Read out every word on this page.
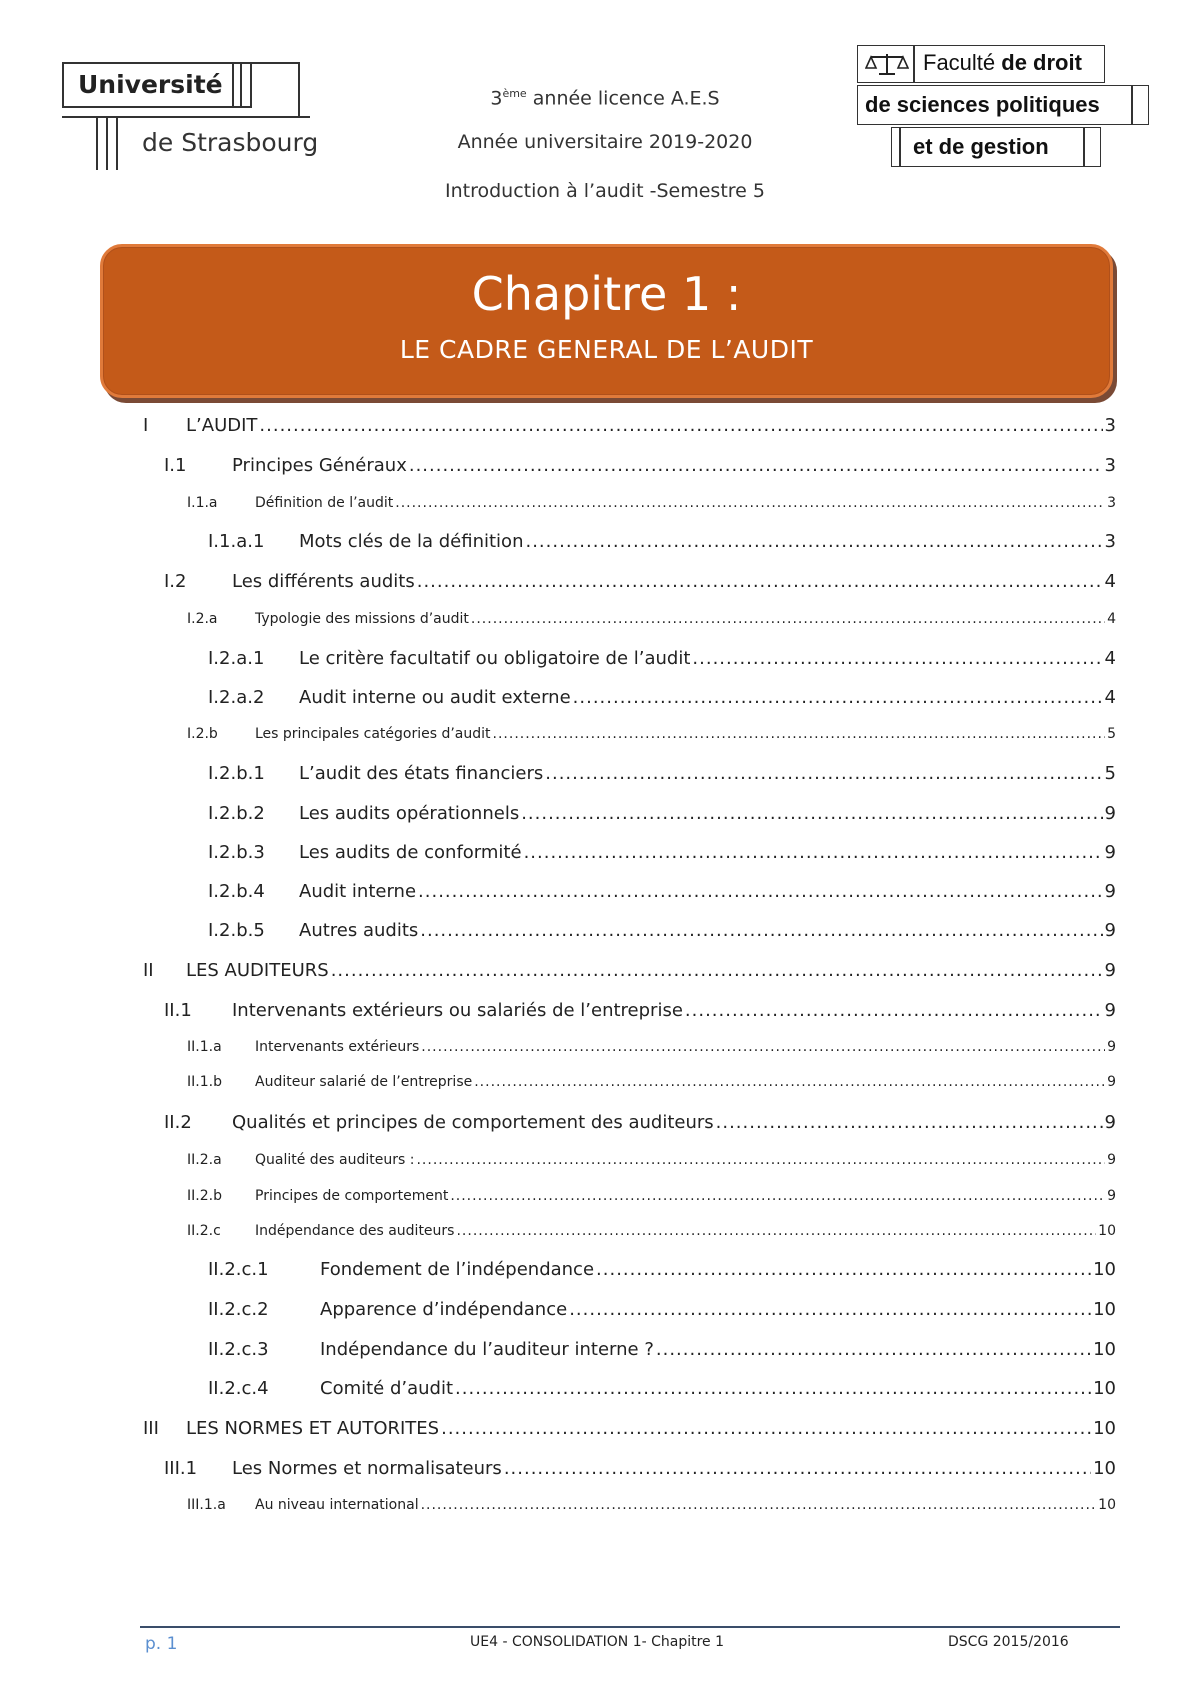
Université
de Strasbourg
Faculté de droit
de sciences politiques
et de gestion
3ème année licence A.E.S
Année universitaire 2019-2020
Introduction à l’audit -Semestre 5
Chapitre 1 :
LE CADRE GENERAL DE L’AUDIT
I	L’AUDIT .....	3
I.1	Principes Généraux .....	3
I.1.a	Définition de l’audit .....	3
I.1.a.1	Mots clés de la définition .....	3
I.2	Les différents audits .....	4
I.2.a	Typologie des missions d’audit .....	4
I.2.a.1	Le critère facultatif ou obligatoire de l’audit .....	4
I.2.a.2	Audit interne ou audit externe .....	4
I.2.b	Les principales catégories d’audit .....	5
I.2.b.1	L’audit des états financiers .....	5
I.2.b.2	Les audits opérationnels .....	9
I.2.b.3	Les audits de conformité .....	9
I.2.b.4	Audit interne .....	9
I.2.b.5	Autres audits .....	9
II	LES AUDITEURS .....	9
II.1	Intervenants extérieurs ou salariés de l’entreprise .....	9
II.1.a	Intervenants extérieurs .....	9
II.1.b	Auditeur salarié de l’entreprise .....	9
II.2	Qualités et principes de comportement des auditeurs .....	9
II.2.a	Qualité des auditeurs : .....	9
II.2.b	Principes de comportement .....	9
II.2.c	Indépendance des auditeurs .....	10
II.2.c.1	Fondement de l’indépendance .....	10
II.2.c.2	Apparence d’indépendance .....	10
II.2.c.3	Indépendance du l’auditeur interne ? .....	10
II.2.c.4	Comité d’audit .....	10
III	LES NORMES ET AUTORITES .....	10
III.1	Les Normes et normalisateurs .....	10
III.1.a	Au niveau international .....	10
p. 1	UE4 - CONSOLIDATION 1- Chapitre 1	DSCG 2015/2016
